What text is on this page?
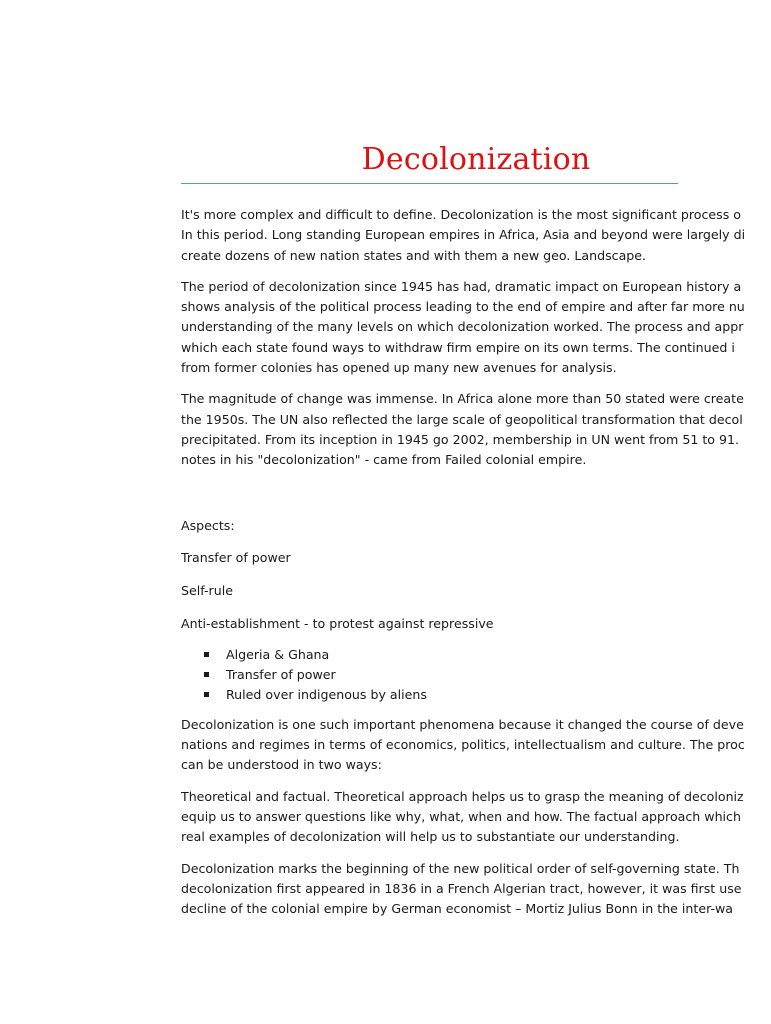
Decolonization

It's more complex and difficult to define. Decolonization is the most significant process o
In this period. Long standing European empires in Africa, Asia and beyond were largely di
create dozens of new nation states and with them a new geo. Landscape.

The period of decolonization since 1945 has had, dramatic impact on European history a
shows analysis of the political process leading to the end of empire and after far more nu
understanding of the many levels on which decolonization worked. The process and appr
which each state found ways to withdraw firm empire on its own terms. The continued i
from former colonies has opened up many new avenues for analysis.

The magnitude of change was immense. In Africa alone more than 50 stated were create
the 1950s. The UN also reflected the large scale of geopolitical transformation that decol
precipitated. From its inception in 1945 go 2002, membership in UN went from 51 to 91.
notes in his "decolonization" - came from Failed colonial empire.

Aspects:

Transfer of power

Self-rule

Anti-establishment - to protest against repressive

Algeria & Ghana
Transfer of power
Ruled over indigenous by aliens

Decolonization is one such important phenomena because it changed the course of deve
nations and regimes in terms of economics, politics, intellectualism and culture. The proc
can be understood in two ways:

Theoretical and factual. Theoretical approach helps us to grasp the meaning of decoloniz
equip us to answer questions like why, what, when and how. The factual approach which
real examples of decolonization will help us to substantiate our understanding.

Decolonization marks the beginning of the new political order of self-governing state. Th
decolonization first appeared in 1836 in a French Algerian tract, however, it was first use
decline of the colonial empire by German economist – Mortiz Julius Bonn in the inter-wa
